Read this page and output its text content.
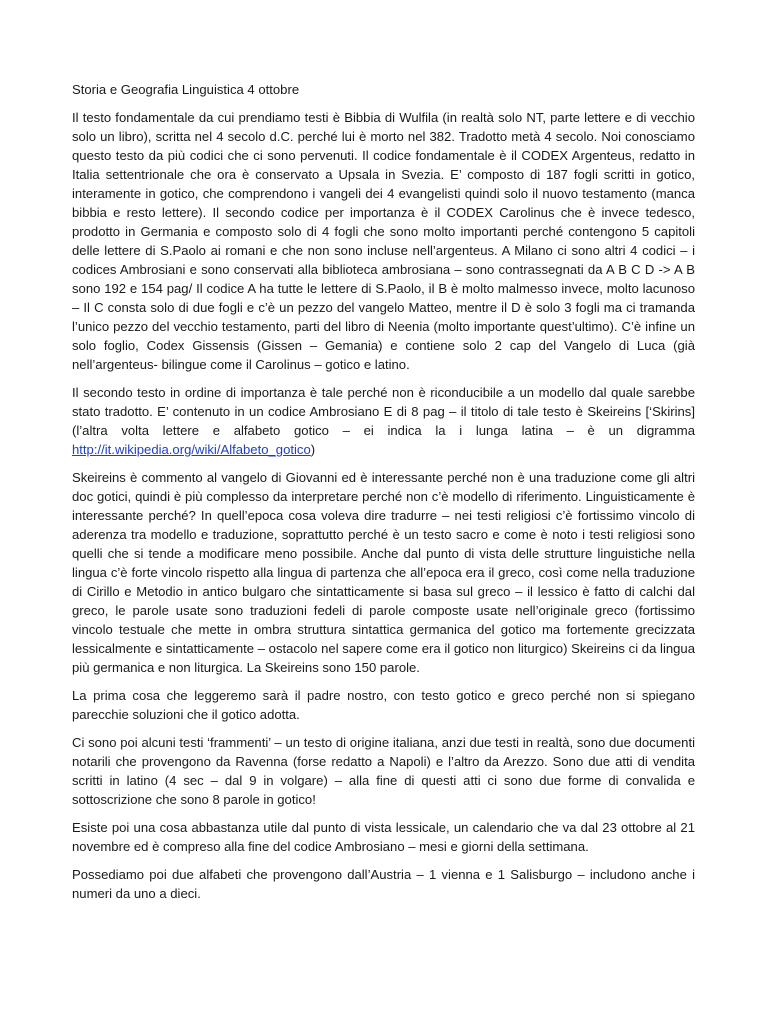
Storia e Geografia Linguistica 4 ottobre

Il testo fondamentale da cui prendiamo testi è Bibbia di Wulfila (in realtà solo NT, parte lettere e di vecchio solo un libro), scritta nel 4 secolo d.C. perché lui è morto nel 382. Tradotto metà 4 secolo. Noi conosciamo questo testo da più codici che ci sono pervenuti. Il codice fondamentale è il CODEX Argenteus, redatto in Italia settentrionale che ora è conservato a Upsala in Svezia. E’ composto di 187 fogli scritti in gotico, interamente in gotico, che comprendono i vangeli dei 4 evangelisti quindi solo il nuovo testamento (manca bibbia e resto lettere). Il secondo codice per importanza è il CODEX Carolinus che è invece tedesco, prodotto in Germania e composto solo di 4 fogli che sono molto importanti perché contengono 5 capitoli delle lettere di S.Paolo ai romani e che non sono incluse nell’argenteus. A Milano ci sono altri 4 codici – i codices Ambrosiani e sono conservati alla biblioteca ambrosiana – sono contrassegnati da A B C D -> A B sono 192 e 154 pag/ Il codice A ha tutte le lettere di S.Paolo, il B è molto malmesso invece, molto lacunoso – Il C consta solo di due fogli e c’è un pezzo del vangelo Matteo, mentre il D è solo 3 fogli ma ci tramanda l’unico pezzo del vecchio testamento, parti del libro di Neenia (molto importante quest’ultimo). C’è infine un solo foglio, Codex Gissensis (Gissen – Gemania) e contiene solo 2 cap del Vangelo di Luca (già nell’argenteus- bilingue come il Carolinus – gotico e latino.

Il secondo testo in ordine di importanza è tale perché non è riconducibile a un modello dal quale sarebbe stato tradotto. E’ contenuto in un codice Ambrosiano E di 8 pag – il titolo di tale testo è Skeireins [‘Skirins] (l’altra volta lettere e alfabeto gotico – ei indica la i lunga latina – è un digramma http://it.wikipedia.org/wiki/Alfabeto_gotico)

Skeireins è commento al vangelo di Giovanni ed è interessante perché non è una traduzione come gli altri doc gotici, quindi è più complesso da interpretare perché non c’è modello di riferimento. Linguisticamente è interessante perché? In quell’epoca cosa voleva dire tradurre – nei testi religiosi c’è fortissimo vincolo di aderenza tra modello e traduzione, soprattutto perché è un testo sacro e come è noto i testi religiosi sono quelli che si tende a modificare meno possibile. Anche dal punto di vista delle strutture linguistiche nella lingua c’è forte vincolo rispetto alla lingua di partenza che all’epoca era il greco, così come nella traduzione di Cirillo e Metodio in antico bulgaro che sintatticamente si basa sul greco – il lessico è fatto di calchi dal greco, le parole usate sono traduzioni fedeli di parole composte usate nell’originale greco (fortissimo vincolo testuale che mette in ombra struttura sintattica germanica del gotico ma fortemente grecizzata lessicalmente e sintatticamente – ostacolo nel sapere come era il gotico non liturgico) Skeireins ci da lingua più germanica e non liturgica. La Skeireins sono 150 parole.

La prima cosa che leggeremo sarà il padre nostro, con testo gotico e greco perché non si spiegano parecchie soluzioni che il gotico adotta.

Ci sono poi alcuni testi ‘frammenti’ – un testo di origine italiana, anzi due testi in realtà, sono due documenti notarili che provengono da Ravenna (forse redatto a Napoli) e l’altro da Arezzo. Sono due atti di vendita scritti in latino (4 sec – dal 9 in volgare) – alla fine di questi atti ci sono due forme di convalida e sottoscrizione che sono 8 parole in gotico!

Esiste poi una cosa abbastanza utile dal punto di vista lessicale, un calendario che va dal 23 ottobre al 21 novembre ed è compreso alla fine del codice Ambrosiano – mesi e giorni della settimana.

Possediamo poi due alfabeti che provengono dall’Austria – 1 vienna e 1 Salisburgo – includono anche i numeri da uno a dieci.
